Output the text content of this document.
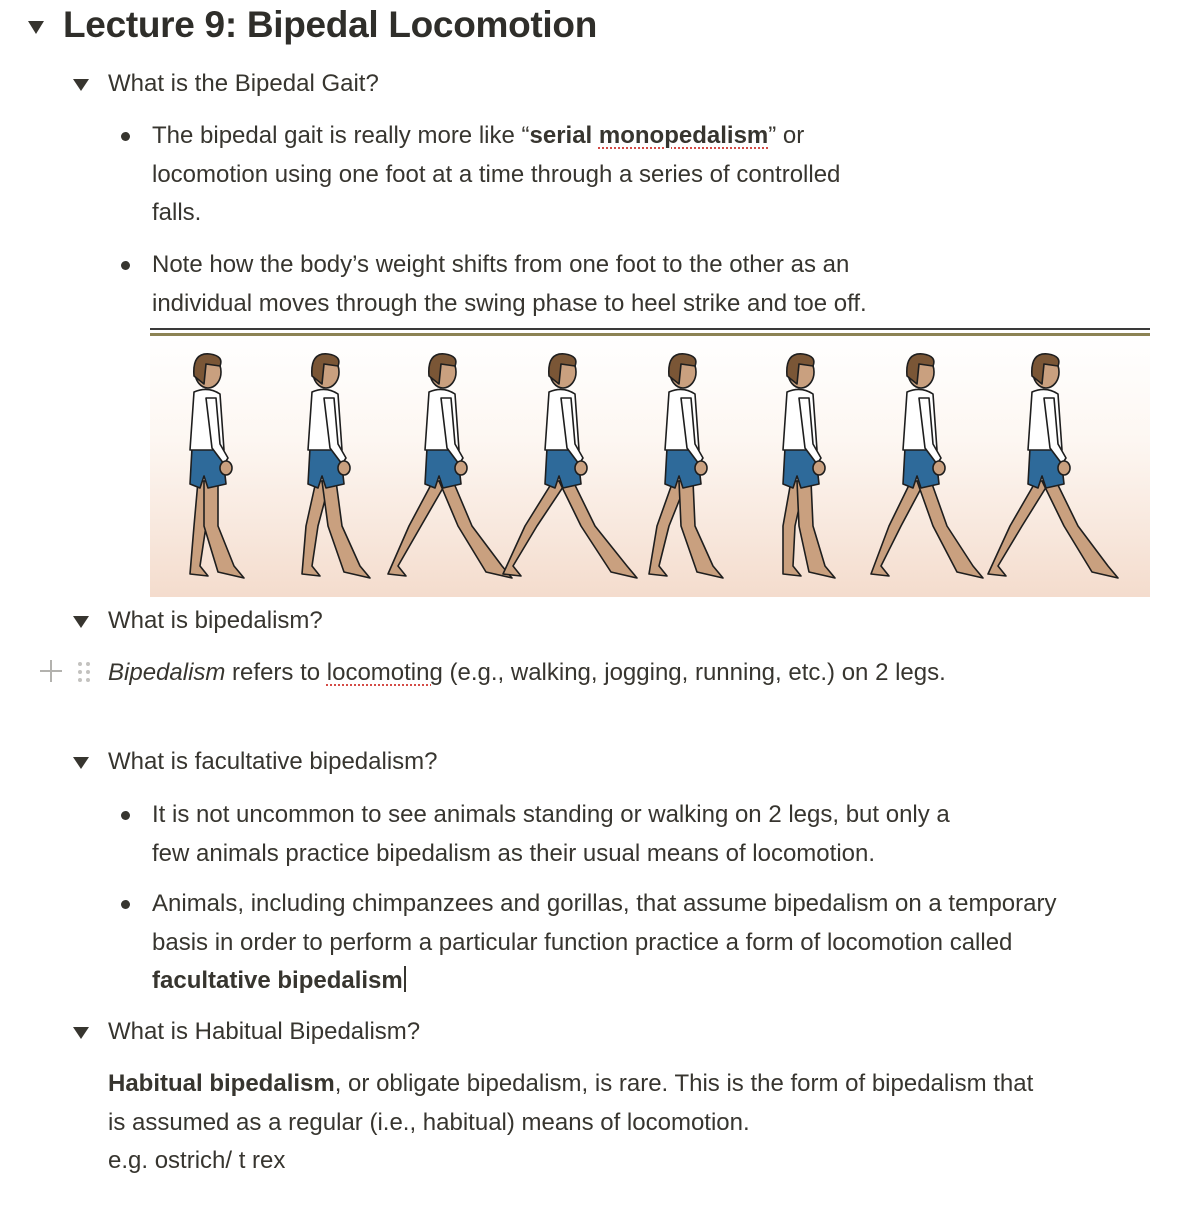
Lecture 9: Bipedal Locomotion
What is the Bipedal Gait?
The bipedal gait is really more like “serial monopedalism” or
locomotion using one foot at a time through a series of controlled
falls.
Note how the body’s weight shifts from one foot to the other as an
individual moves through the swing phase to heel strike and toe off.
What is bipedalism?
Bipedalism refers to locomoting (e.g., walking, jogging, running, etc.) on 2 legs.
What is facultative bipedalism?
It is not uncommon to see animals standing or walking on 2 legs, but only a
few animals practice bipedalism as their usual means of locomotion.
Animals, including chimpanzees and gorillas, that assume bipedalism on a temporary
basis in order to perform a particular function practice a form of locomotion called
facultative bipedalism
What is Habitual Bipedalism?
Habitual bipedalism, or obligate bipedalism, is rare. This is the form of bipedalism that
is assumed as a regular (i.e., habitual) means of locomotion.
e.g. ostrich/ t rex
